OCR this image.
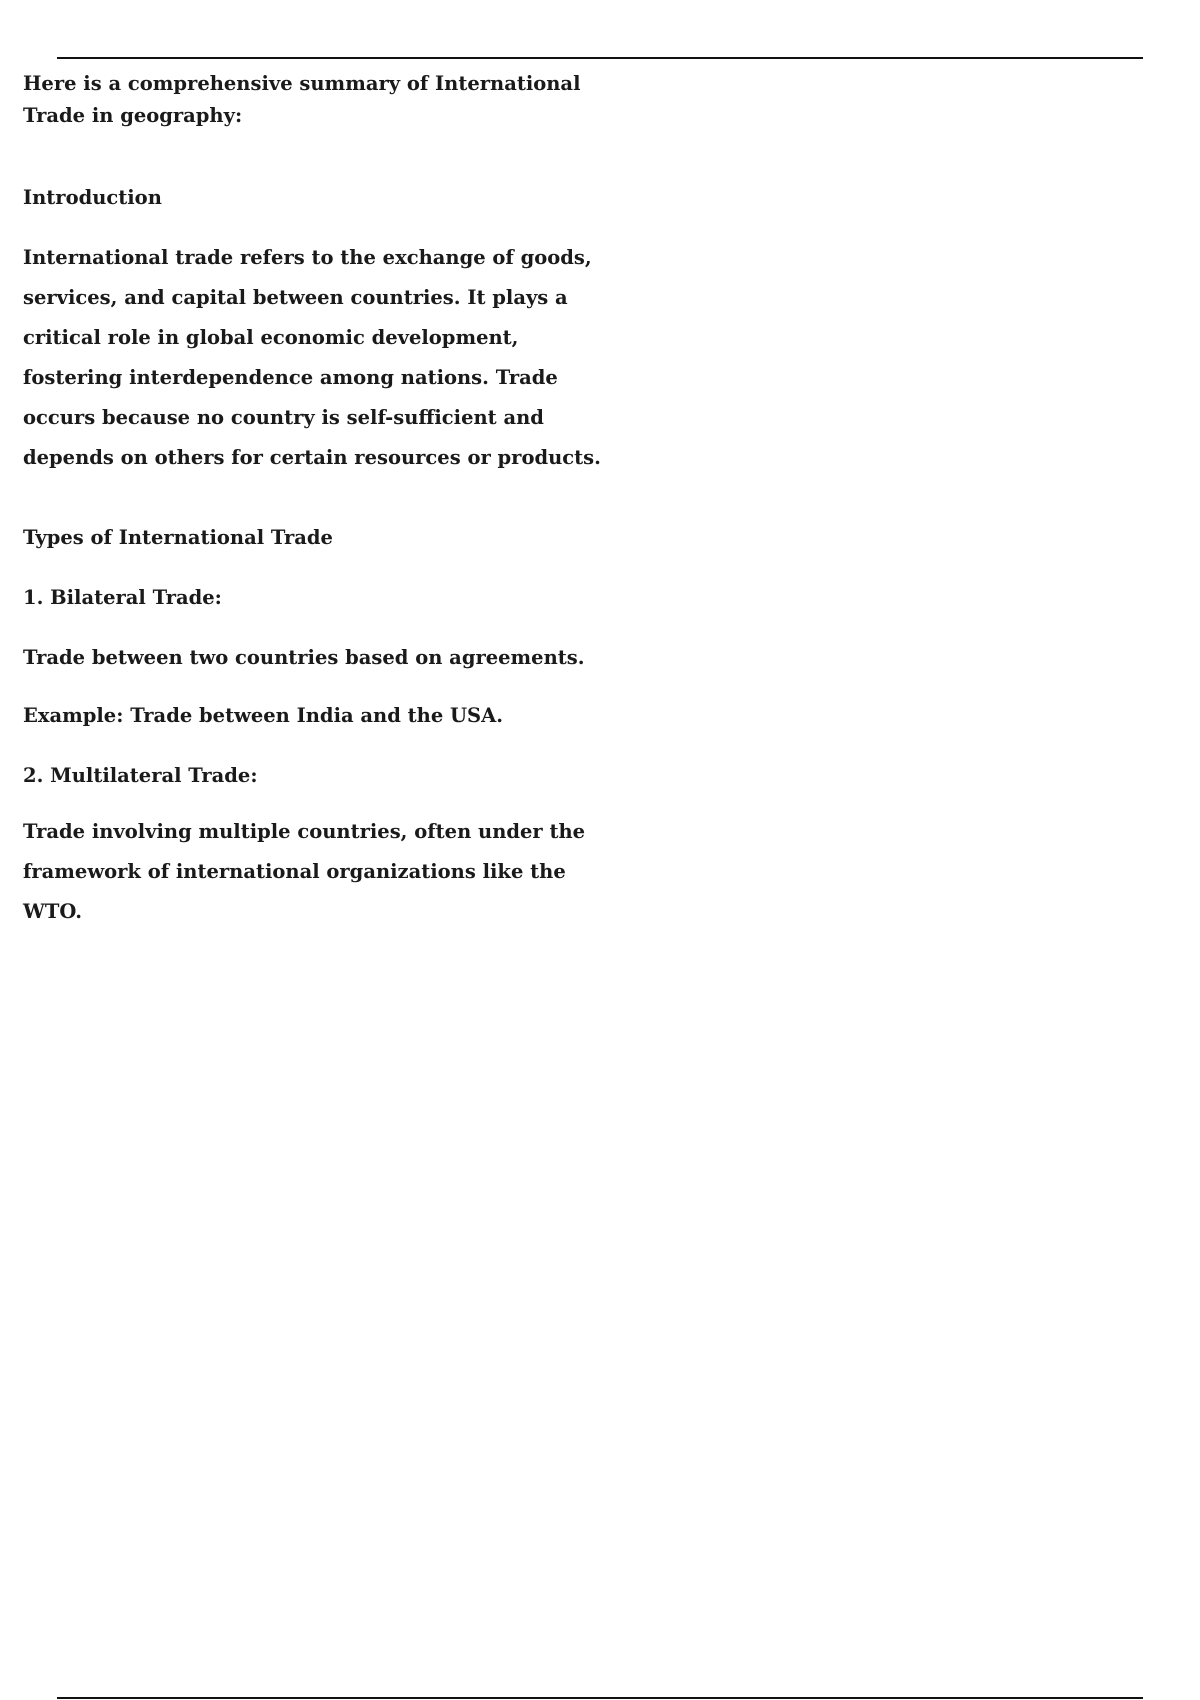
Here is a comprehensive summary of International Trade in geography:

Introduction

International trade refers to the exchange of goods, services, and capital between countries. It plays a critical role in global economic development, fostering interdependence among nations. Trade occurs because no country is self-sufficient and depends on others for certain resources or products.

Types of International Trade

1. Bilateral Trade:

Trade between two countries based on agreements.

Example: Trade between India and the USA.

2. Multilateral Trade:

Trade involving multiple countries, often under the framework of international organizations like the WTO.
